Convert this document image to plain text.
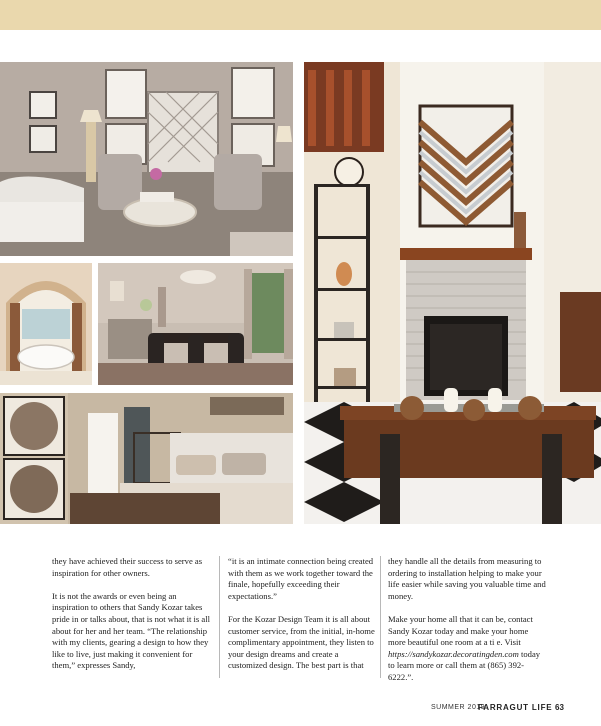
they have achieved their success to serve as inspiration for other owners.

It is not the awards or even being an inspiration to others that Sandy Kozar takes pride in or talks about, that is not what it is all about for her and her team. “The relationship with my clients, gearing a design to how they like to live, just making it convenient for them,” expresses Sandy,

“it is an intimate connection being created with them as we work together toward the finale, hopefully exceeding their expectations.”

For the Kozar Design Team it is all about customer service, from the initial, in-home complimentary appointment, they listen to your design dreams and create a customized design. The best part is that

they handle all the details from measuring to ordering to installation helping to make your life easier while saving you valuable time and money.

Make your home all that it can be, contact Sandy Kozar today and make your home more beautiful one room at a ti e. Visit https://sandykozar.decoratingden.com today to learn more or call them at (865) 392-6222.”.

SUMMER 2019
FARRAGUT LIFE 63
